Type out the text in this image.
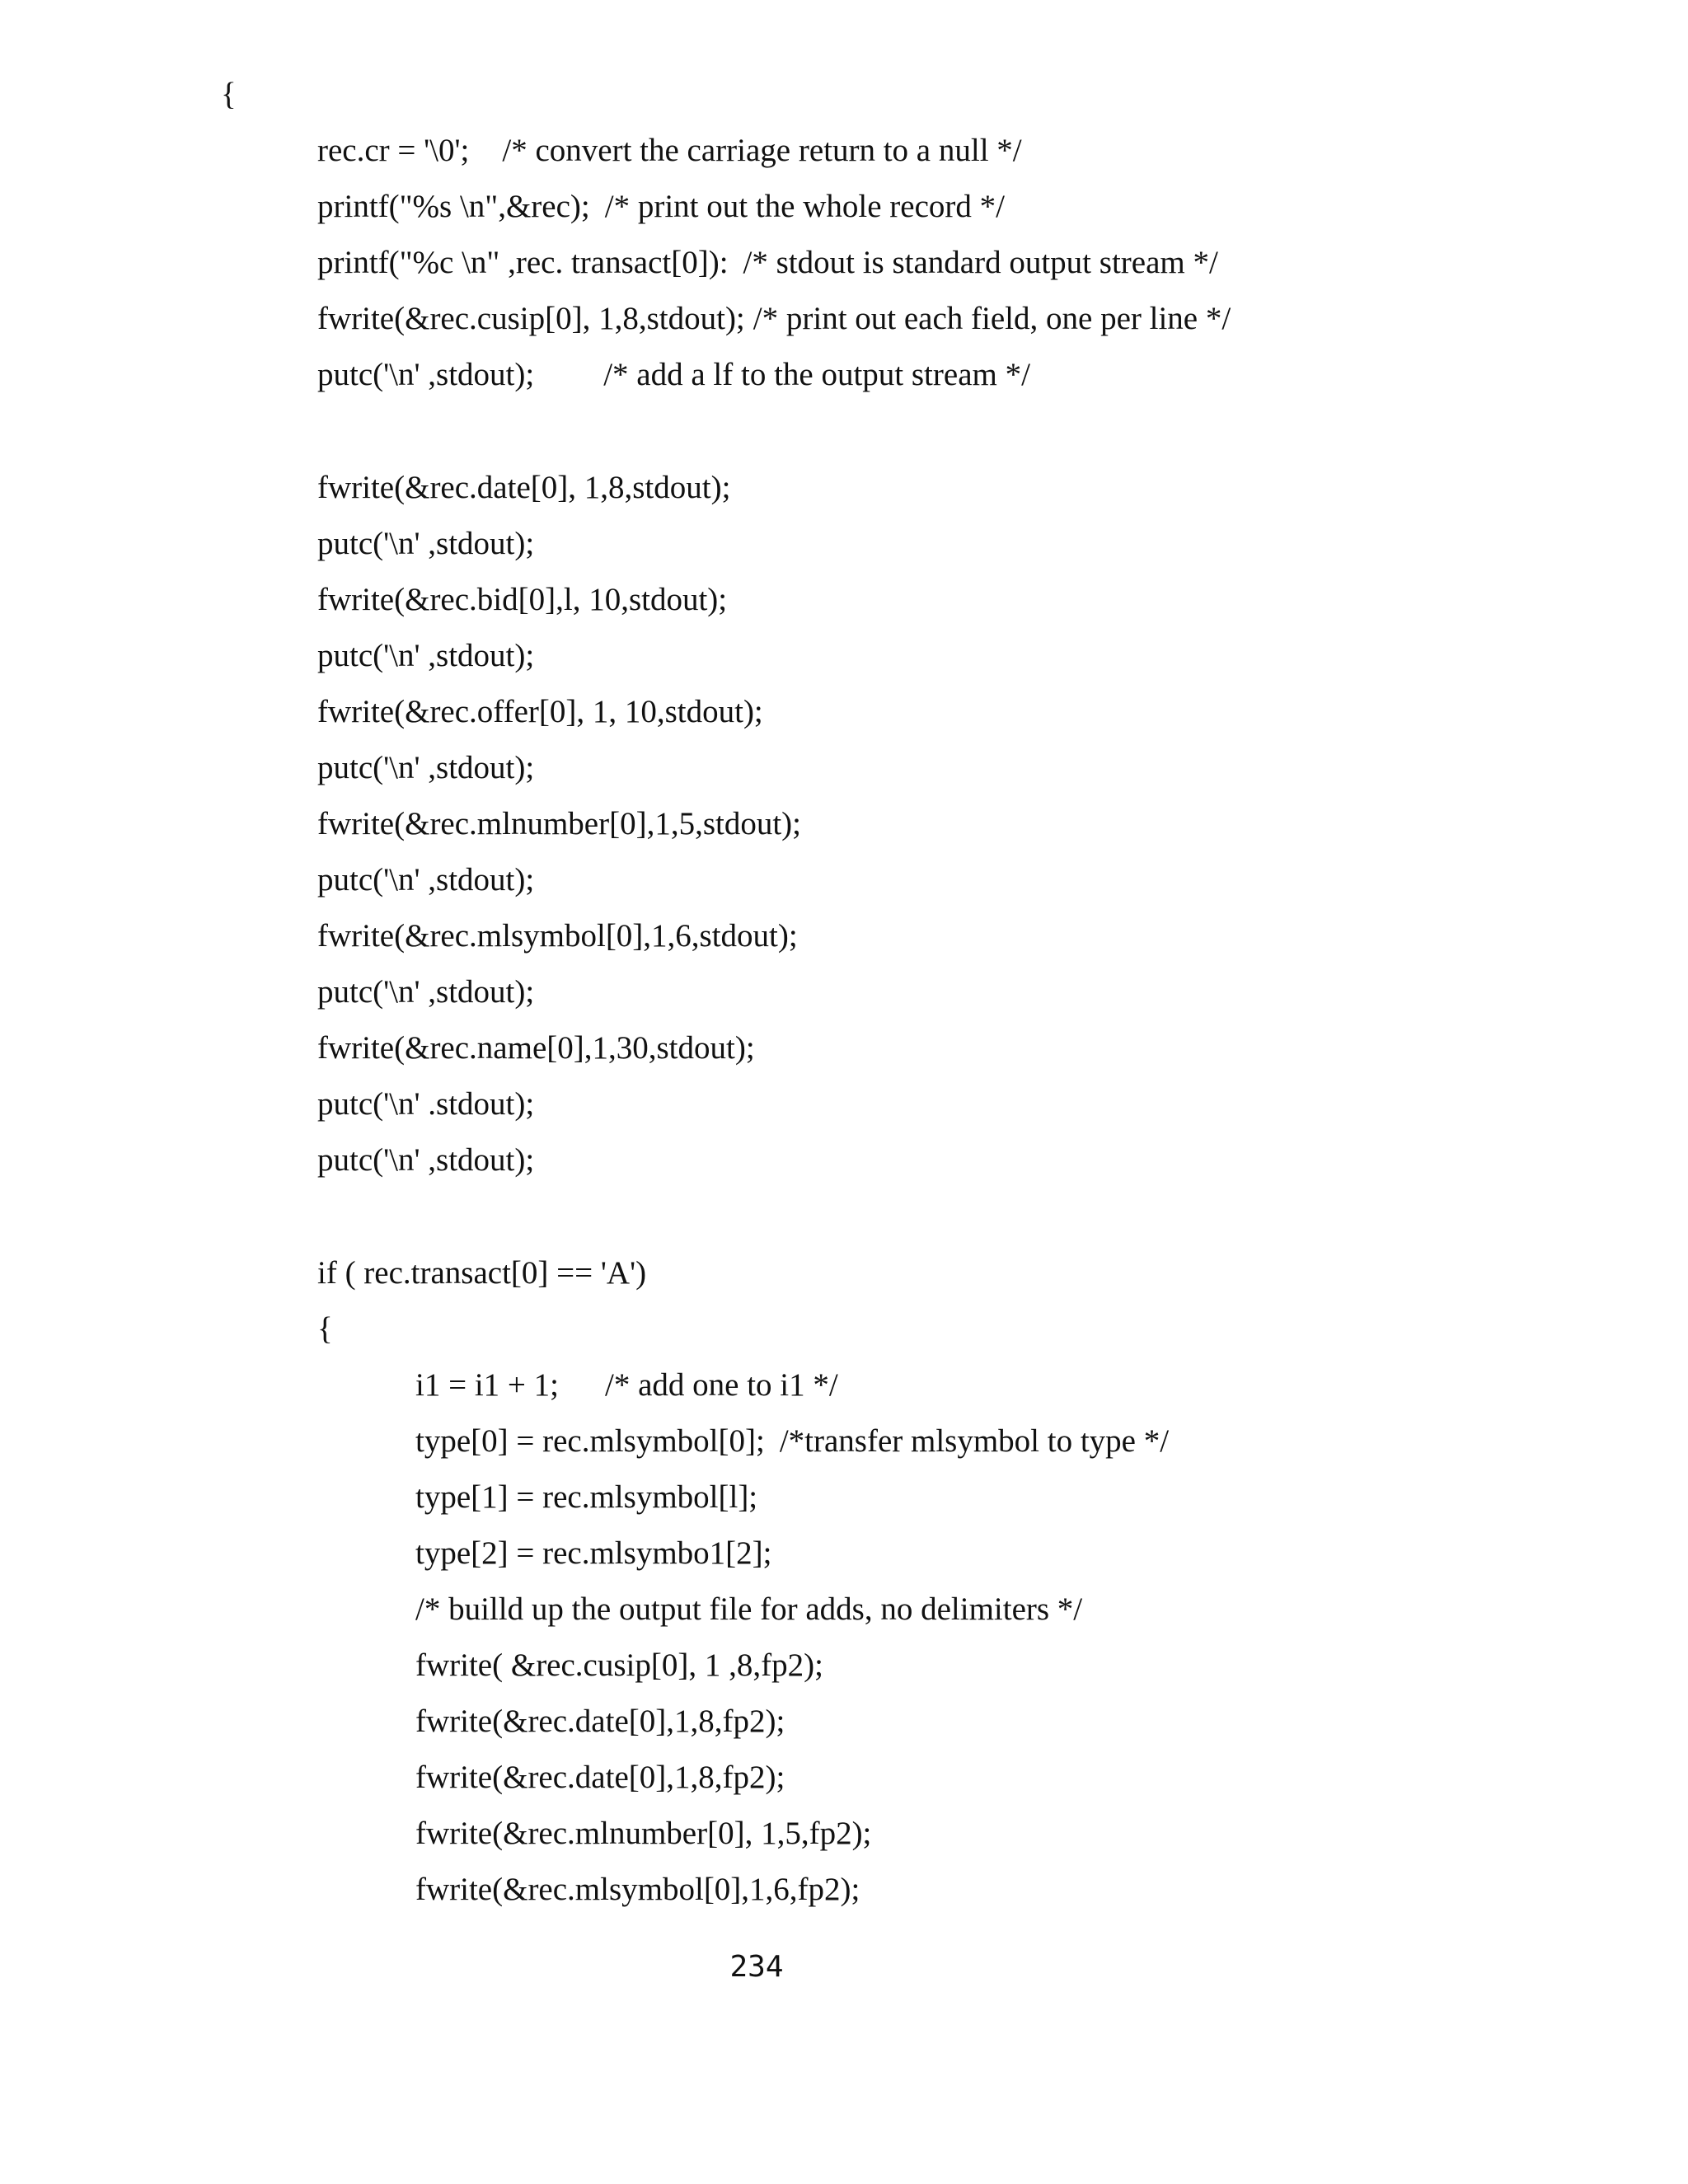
{
rec.cr = '\0'; /* convert the carriage return to a null */
printf("%s \n",&rec); /* print out the whole record */
printf("%c \n" ,rec. transact[0]): /* stdout is standard output stream */
fwrite(&rec.cusip[0], 1,8,stdout); /* print out each field, one per line */
putc('\n' ,stdout); /* add a lf to the output stream */
fwrite(&rec.date[0], 1,8,stdout);
putc('\n' ,stdout);
fwrite(&rec.bid[0],l, 10,stdout);
putc('\n' ,stdout);
fwrite(&rec.offer[0], 1, 10,stdout);
putc('\n' ,stdout);
fwrite(&rec.mlnumber[0],1,5,stdout);
putc('\n' ,stdout);
fwrite(&rec.mlsymbol[0],1,6,stdout);
putc('\n' ,stdout);
fwrite(&rec.name[0],1,30,stdout);
putc('\n' .stdout);
putc('\n' ,stdout);
if ( rec.transact[0] == 'A')
{
i1 = i1 + 1; /* add one to i1 */
type[0] = rec.mlsymbol[0]; /*transfer mlsymbol to type */
type[1] = rec.mlsymbol[l];
type[2] = rec.mlsymbo1[2];
/* builld up the output file for adds, no delimiters */
fwrite( &rec.cusip[0], 1 ,8,fp2);
fwrite(&rec.date[0],1,8,fp2);
fwrite(&rec.date[0],1,8,fp2);
fwrite(&rec.mlnumber[0], 1,5,fp2);
fwrite(&rec.mlsymbol[0],1,6,fp2);
234
